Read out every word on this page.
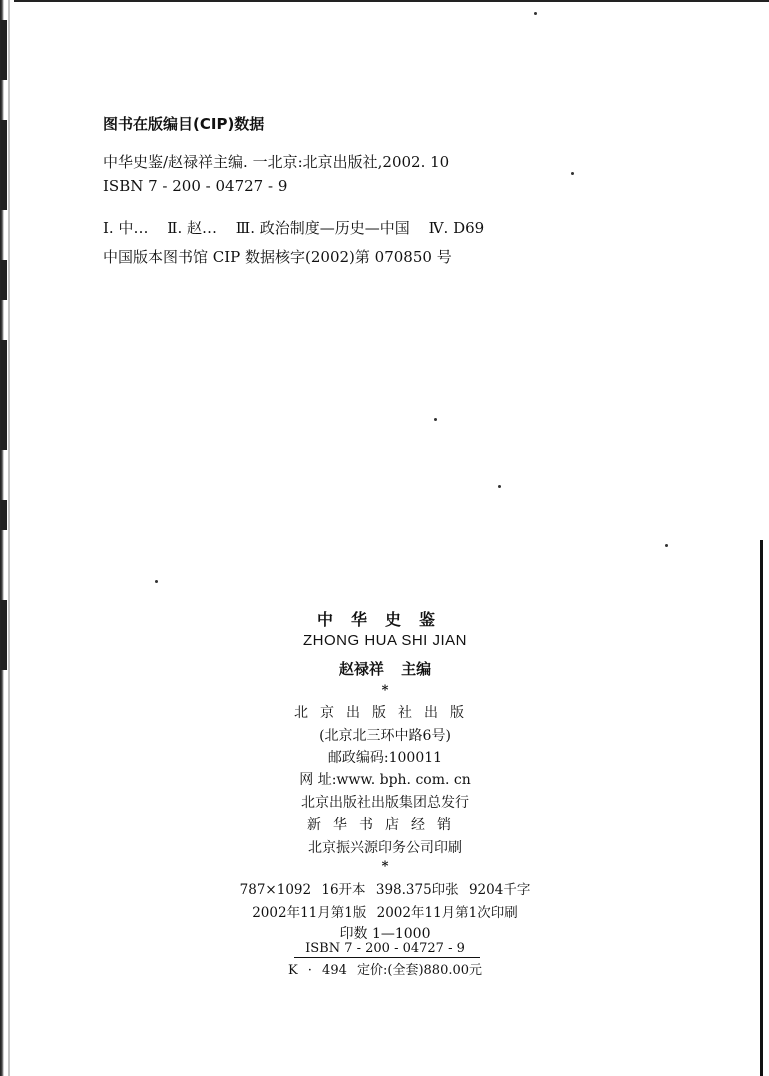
图书在版编目(CIP)数据
中华史鉴/赵禄祥主编. 一北京:北京出版社,2002. 10
ISBN 7 - 200 - 04727 - 9
Ⅰ. 中… Ⅱ. 赵… Ⅲ. 政治制度—历史—中国 Ⅳ. D69
中国版本图书馆 CIP 数据核字(2002)第 070850 号
中华史鉴
ZHONG HUA SHI JIAN
赵禄祥 主编
*
北京出版社出版
(北京北三环中路6号)
邮政编码:100011
网 址:www. bph. com. cn
北京出版社出版集团总发行
新华书店经销
北京振兴源印务公司印刷
*
787×1092 16开本 398.375印张 9204千字
2002年11月第1版 2002年11月第1次印刷
印数 1—1000
ISBN 7 - 200 - 04727 - 9
K · 494 定价:(全套)880.00元
